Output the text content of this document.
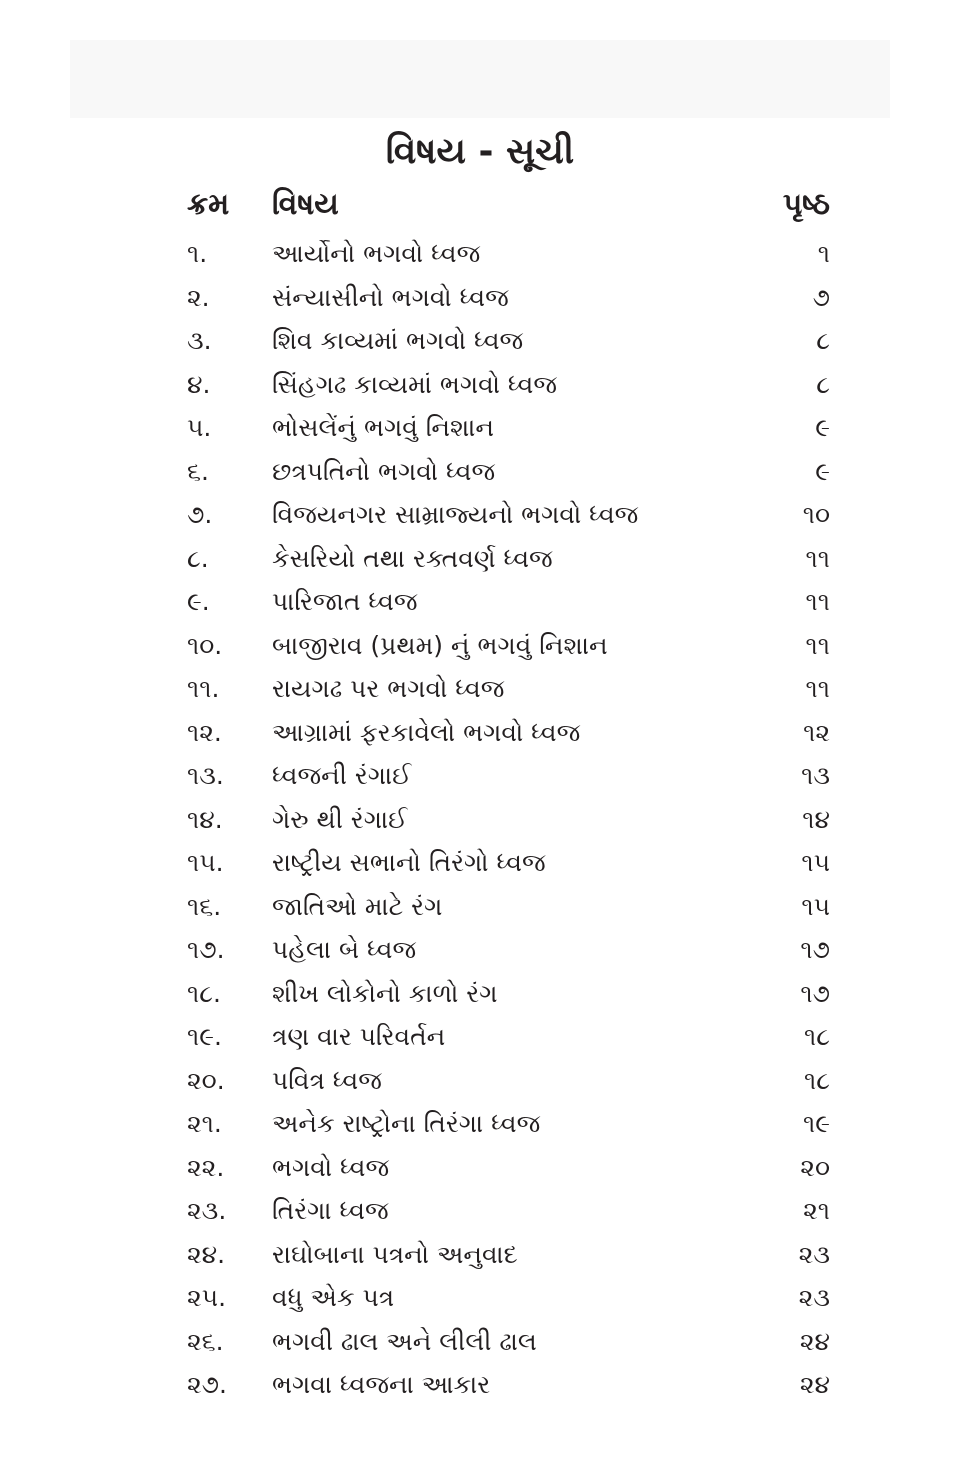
વિષય - સૂચી
ક્રમ વિષય	પૃષ્ઠ
૧.	આર્યોનો ભગવો ધ્વજ	૧
૨. સંન્યાસીનો ભગવો ધ્વજ	૭
૩. શિવ કાવ્યમાં ભગવો ધ્વજ	૮
૪. સિંહગઢ કાવ્યમાં ભગવો ધ્વજ	૮
૫. ભોસલેંનું ભગવું નિશાન	૯
૬.	છત્રપતિનો ભગવો ધ્વજ	૯
૭. વિજયનગર સામ્રાજ્યનો ભગવો ધ્વજ	૧૦
૮.	કેસરિયો તથા રક્તવર્ણ ધ્વજ	૧૧
૯. પારિજાત ધ્વજ	૧૧
૧૦. બાજીરાવ (પ્રથમ) નું ભગવું નિશાન	૧૧
૧૧. રાયગઢ પર ભગવો ધ્વજ	૧૧
૧૨. આગ્રામાં ફરકાવેલો ભગવો ધ્વજ	૧૨
૧૩. ધ્વજની રંગાઈ	૧૩
૧૪. ગેરુ થી રંગાઈ	૧૪
૧૫. રાષ્ટ્રીય સભાનો તિરંગો ધ્વજ	૧૫
૧૬. જાતિઓ માટે રંગ	૧૫
૧૭. પહેલા બે ધ્વજ	૧૭
૧૮. શીખ લોકોનો કાળો રંગ	૧૭
૧૯. ત્રણ વાર પરિવર્તન	૧૮
૨૦. પવિત્ર ધ્વજ	૧૮
૨૧. અનેક રાષ્ટ્રોના તિરંગા ધ્વજ	૧૯
૨૨. ભગવો ધ્વજ	૨૦
૨૩. તિરંગા ધ્વજ	૨૧
૨૪. રાઘોબાના પત્રનો અનુવાદ	૨૩
૨૫. વધુ એક પત્ર	૨૩
૨૬. ભગવી ઢાલ અને લીલી ઢાલ	૨૪
૨૭. ભગવા ધ્વજના આકાર	૨૪
